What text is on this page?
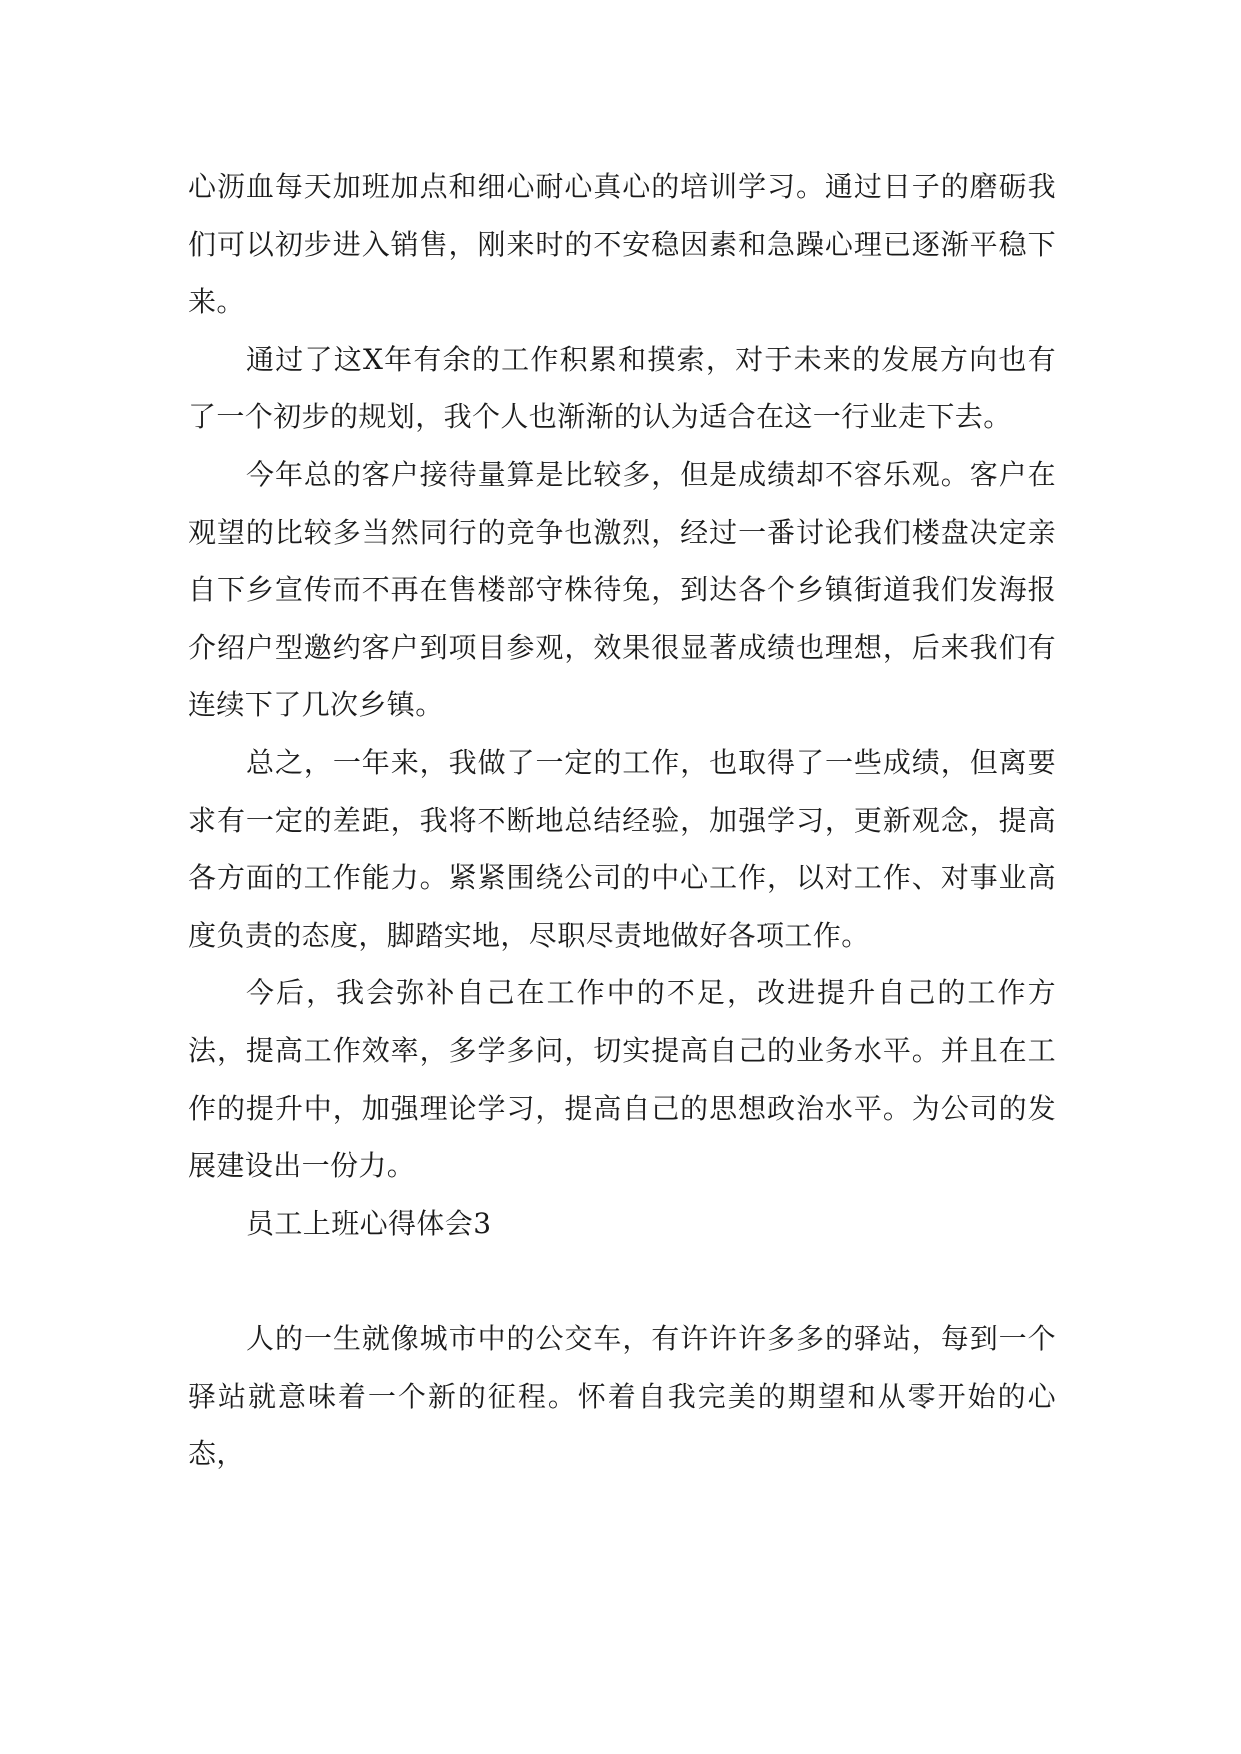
心沥血每天加班加点和细心耐心真心的培训学习。通过日子的磨砺我们可以初步进入销售，刚来时的不安稳因素和急躁心理已逐渐平稳下来。

通过了这X年有余的工作积累和摸索，对于未来的发展方向也有了一个初步的规划，我个人也渐渐的认为适合在这一行业走下去。

今年总的客户接待量算是比较多，但是成绩却不容乐观。客户在观望的比较多当然同行的竞争也激烈，经过一番讨论我们楼盘决定亲自下乡宣传而不再在售楼部守株待兔，到达各个乡镇街道我们发海报介绍户型邀约客户到项目参观，效果很显著成绩也理想，后来我们有连续下了几次乡镇。

总之，一年来，我做了一定的工作，也取得了一些成绩，但离要求有一定的差距，我将不断地总结经验，加强学习，更新观念，提高各方面的工作能力。紧紧围绕公司的中心工作，以对工作、对事业高度负责的态度，脚踏实地，尽职尽责地做好各项工作。

今后，我会弥补自己在工作中的不足，改进提升自己的工作方法，提高工作效率，多学多问，切实提高自己的业务水平。并且在工作的提升中，加强理论学习，提高自己的思想政治水平。为公司的发展建设出一份力。

员工上班心得体会3

人的一生就像城市中的公交车，有许许许多多的驿站，每到一个驿站就意味着一个新的征程。怀着自我完美的期望和从零开始的心态，
